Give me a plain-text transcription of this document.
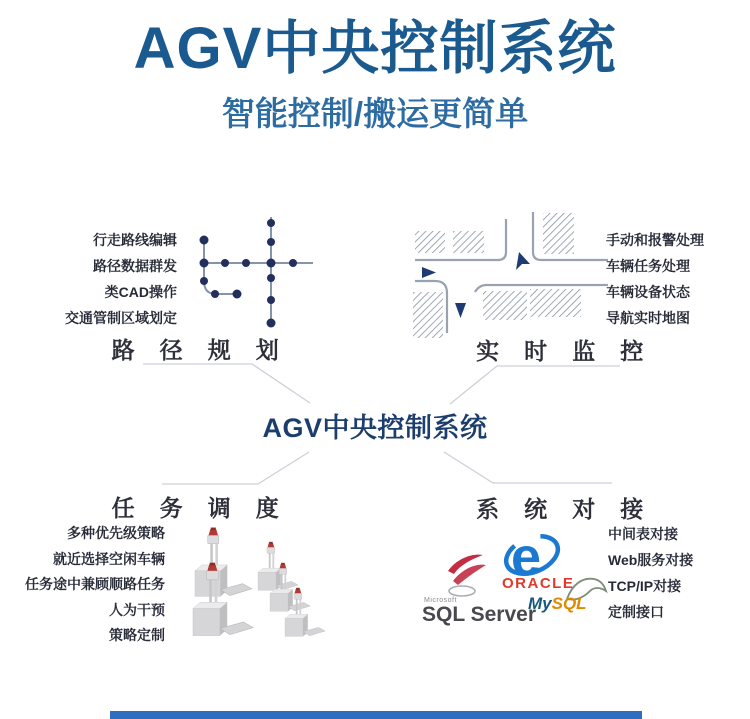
AGV中央控制系统
智能控制/搬运更简单
行走路线编辑
路径数据群发
类CAD操作
交通管制区域划定
路 径 规 划
手动和报警处理
车辆任务处理
车辆设备状态
导航实时地图
实 时 监 控
AGV中央控制系统
任 务 调 度
多种优先级策略
就近选择空闲车辆
任务途中兼顾顺路任务
人为干预
策略定制
系 统 对 接
e
Microsoft
SQL Server
ORACLE
MySQL
中间表对接
Web服务对接
TCP/IP对接
定制接口
